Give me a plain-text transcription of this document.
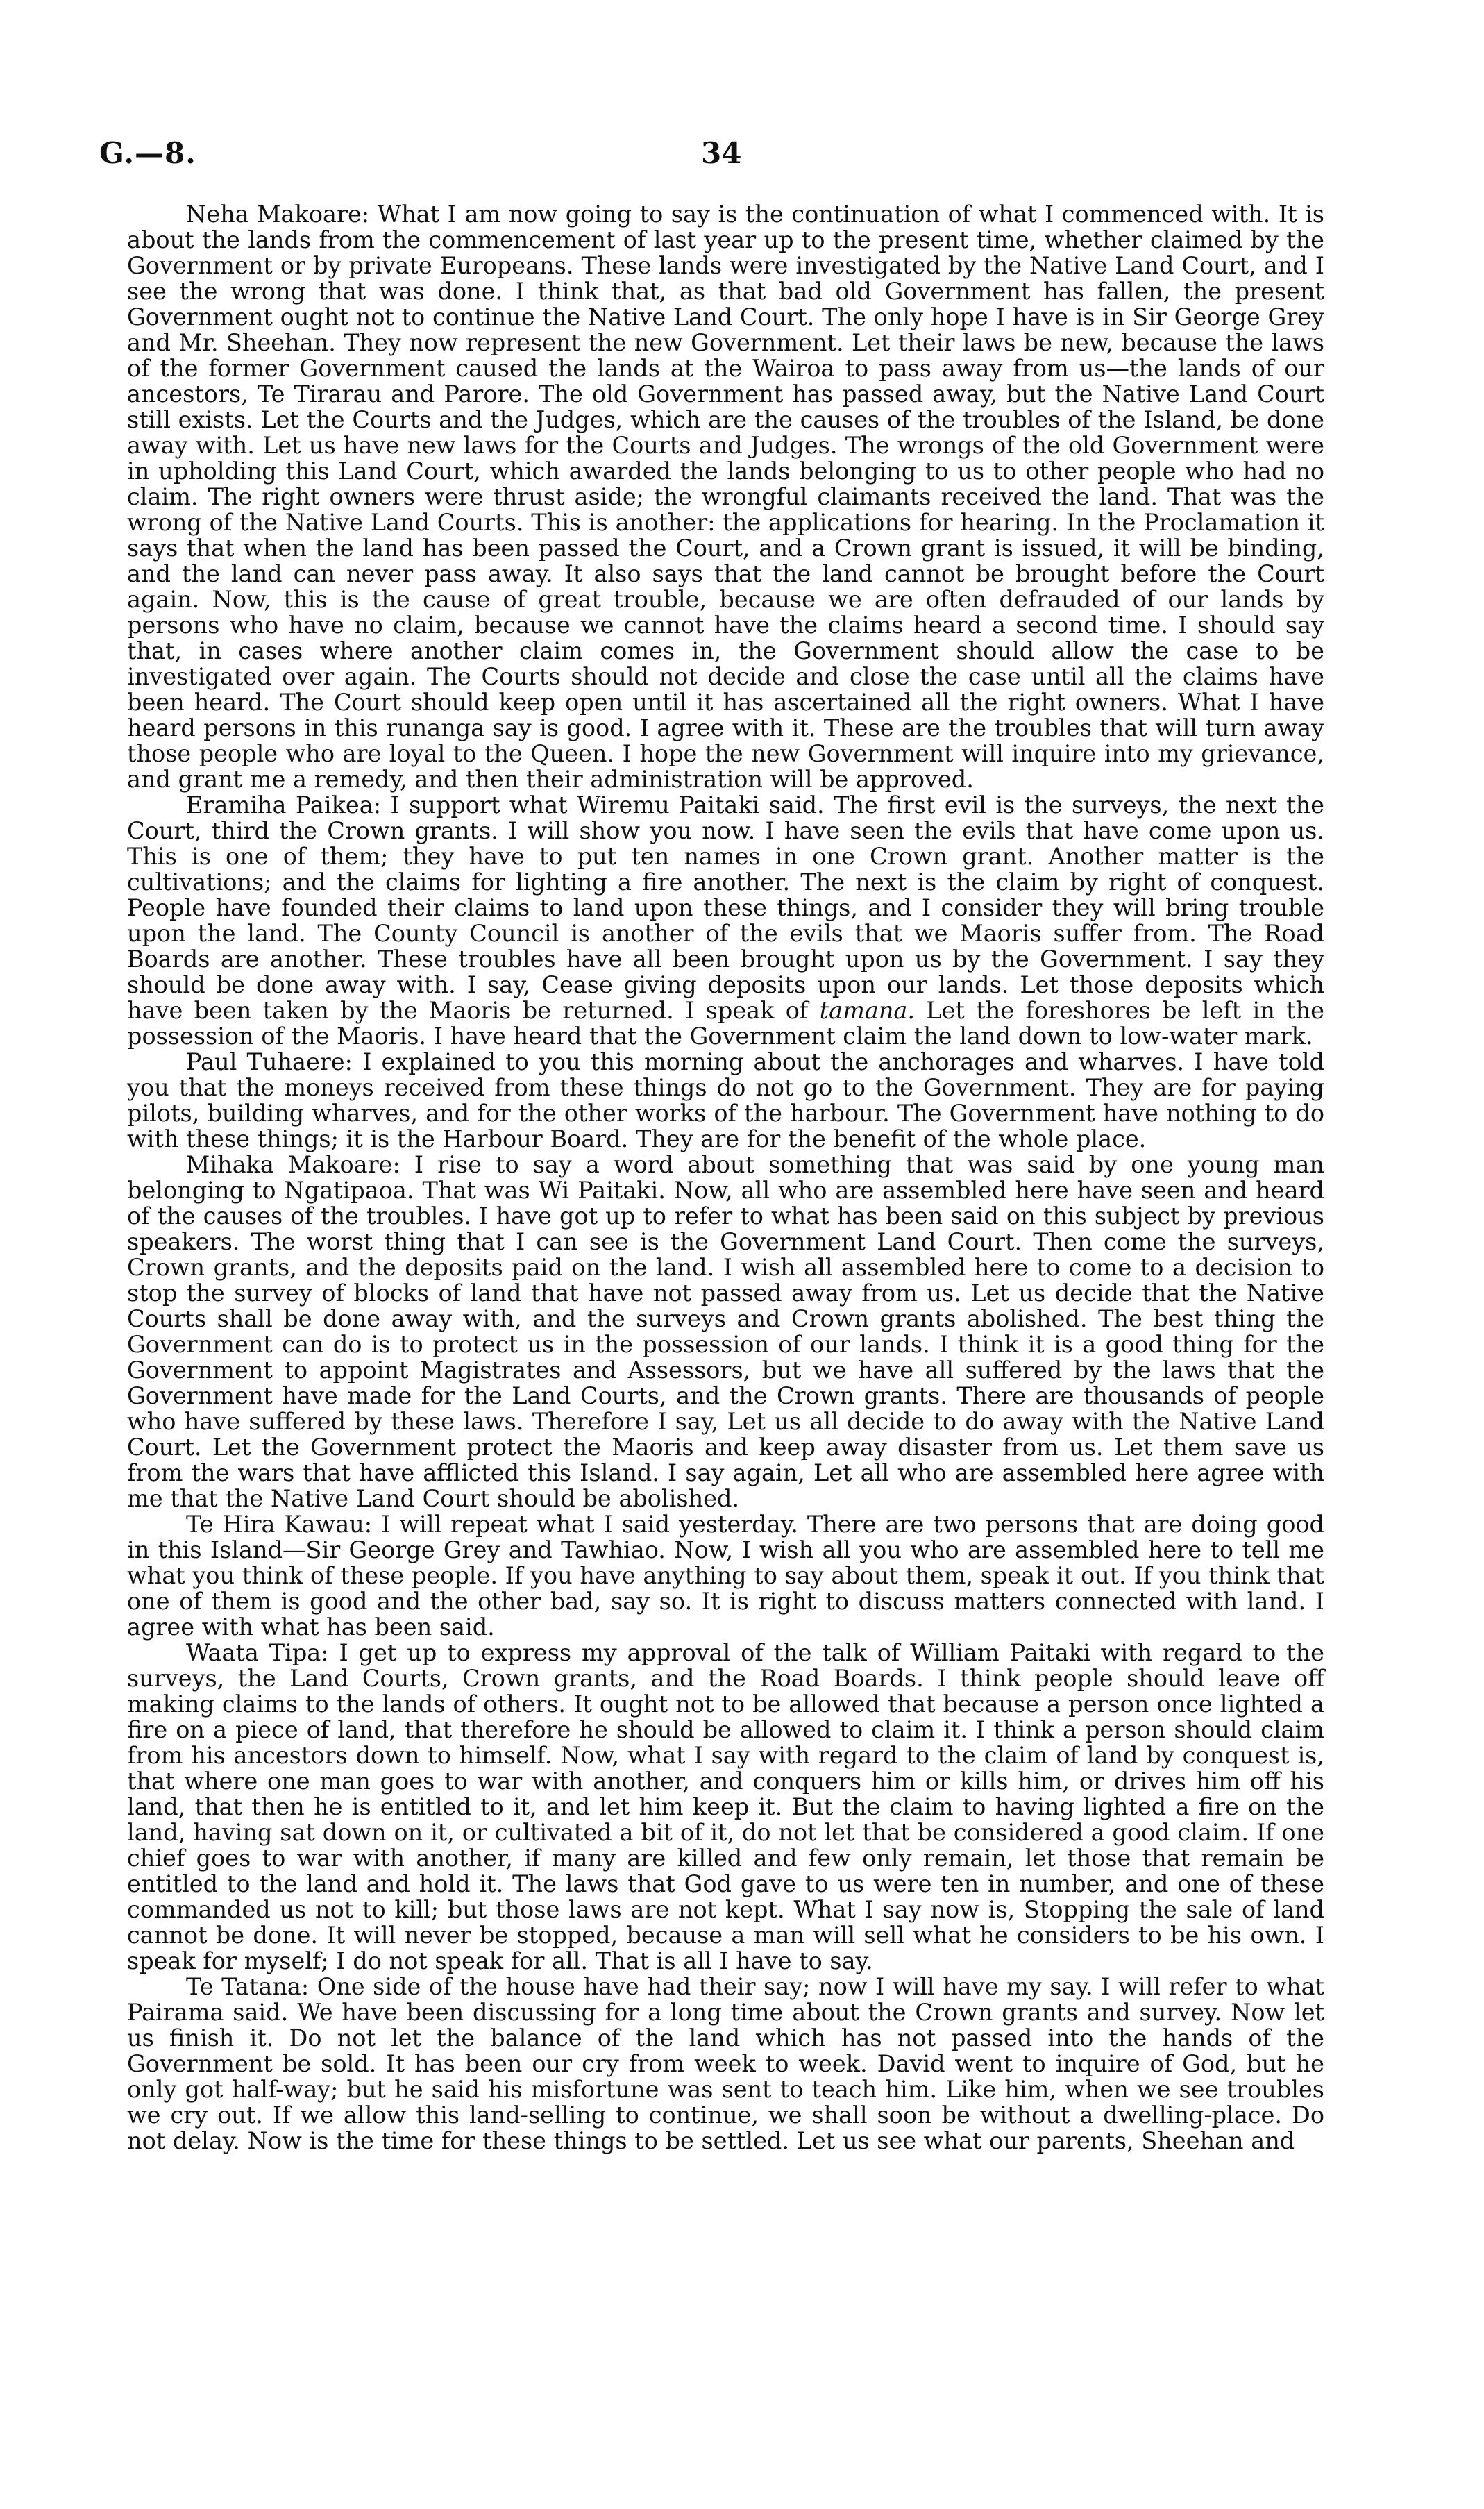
G.—8.	34

Neha Makoare: What I am now going to say is the continuation of what I commenced with. It is about the lands from the commencement of last year up to the present time, whether claimed by the Government or by private Europeans. These lands were investigated by the Native Land Court, and I see the wrong that was done. I think that, as that bad old Government has fallen, the present Government ought not to continue the Native Land Court. The only hope I have is in Sir George Grey and Mr. Sheehan. They now represent the new Government. Let their laws be new, because the laws of the former Government caused the lands at the Wairoa to pass away from us—the lands of our ancestors, Te Tirarau and Parore. The old Government has passed away, but the Native Land Court still exists. Let the Courts and the Judges, which are the causes of the troubles of the Island, be done away with. Let us have new laws for the Courts and Judges. The wrongs of the old Government were in upholding this Land Court, which awarded the lands belonging to us to other people who had no claim. The right owners were thrust aside; the wrongful claimants received the land. That was the wrong of the Native Land Courts. This is another: the applications for hearing. In the Proclamation it says that when the land has been passed the Court, and a Crown grant is issued, it will be binding, and the land can never pass away. It also says that the land cannot be brought before the Court again. Now, this is the cause of great trouble, because we are often defrauded of our lands by persons who have no claim, because we cannot have the claims heard a second time. I should say that, in cases where another claim comes in, the Government should allow the case to be investigated over again. The Courts should not decide and close the case until all the claims have been heard. The Court should keep open until it has ascertained all the right owners. What I have heard persons in this runanga say is good. I agree with it. These are the troubles that will turn away those people who are loyal to the Queen. I hope the new Government will inquire into my grievance, and grant me a remedy, and then their administration will be approved.

Eramiha Paikea: I support what Wiremu Paitaki said. The first evil is the surveys, the next the Court, third the Crown grants. I will show you now. I have seen the evils that have come upon us. This is one of them; they have to put ten names in one Crown grant. Another matter is the cultivations; and the claims for lighting a fire another. The next is the claim by right of conquest. People have founded their claims to land upon these things, and I consider they will bring trouble upon the land. The County Council is another of the evils that we Maoris suffer from. The Road Boards are another. These troubles have all been brought upon us by the Government. I say they should be done away with. I say, Cease giving deposits upon our lands. Let those deposits which have been taken by the Maoris be returned. I speak of tamana. Let the foreshores be left in the possession of the Maoris. I have heard that the Government claim the land down to low-water mark.

Paul Tuhaere: I explained to you this morning about the anchorages and wharves. I have told you that the moneys received from these things do not go to the Government. They are for paying pilots, building wharves, and for the other works of the harbour. The Government have nothing to do with these things; it is the Harbour Board. They are for the benefit of the whole place.

Mihaka Makoare: I rise to say a word about something that was said by one young man belonging to Ngatipaoa. That was Wi Paitaki. Now, all who are assembled here have seen and heard of the causes of the troubles. I have got up to refer to what has been said on this subject by previous speakers. The worst thing that I can see is the Government Land Court. Then come the surveys, Crown grants, and the deposits paid on the land. I wish all assembled here to come to a decision to stop the survey of blocks of land that have not passed away from us. Let us decide that the Native Courts shall be done away with, and the surveys and Crown grants abolished. The best thing the Government can do is to protect us in the possession of our lands. I think it is a good thing for the Government to appoint Magistrates and Assessors, but we have all suffered by the laws that the Government have made for the Land Courts, and the Crown grants. There are thousands of people who have suffered by these laws. Therefore I say, Let us all decide to do away with the Native Land Court. Let the Government protect the Maoris and keep away disaster from us. Let them save us from the wars that have afflicted this Island. I say again, Let all who are assembled here agree with me that the Native Land Court should be abolished.

Te Hira Kawau: I will repeat what I said yesterday. There are two persons that are doing good in this Island—Sir George Grey and Tawhiao. Now, I wish all you who are assembled here to tell me what you think of these people. If you have anything to say about them, speak it out. If you think that one of them is good and the other bad, say so. It is right to discuss matters connected with land. I agree with what has been said.

Waata Tipa: I get up to express my approval of the talk of William Paitaki with regard to the surveys, the Land Courts, Crown grants, and the Road Boards. I think people should leave off making claims to the lands of others. It ought not to be allowed that because a person once lighted a fire on a piece of land, that therefore he should be allowed to claim it. I think a person should claim from his ancestors down to himself. Now, what I say with regard to the claim of land by conquest is, that where one man goes to war with another, and conquers him or kills him, or drives him off his land, that then he is entitled to it, and let him keep it. But the claim to having lighted a fire on the land, having sat down on it, or cultivated a bit of it, do not let that be considered a good claim. If one chief goes to war with another, if many are killed and few only remain, let those that remain be entitled to the land and hold it. The laws that God gave to us were ten in number, and one of these commanded us not to kill; but those laws are not kept. What I say now is, Stopping the sale of land cannot be done. It will never be stopped, because a man will sell what he considers to be his own. I speak for myself; I do not speak for all. That is all I have to say.

Te Tatana: One side of the house have had their say; now I will have my say. I will refer to what Pairama said. We have been discussing for a long time about the Crown grants and survey. Now let us finish it. Do not let the balance of the land which has not passed into the hands of the Government be sold. It has been our cry from week to week. David went to inquire of God, but he only got half-way; but he said his misfortune was sent to teach him. Like him, when we see troubles we cry out. If we allow this land-selling to continue, we shall soon be without a dwelling-place. Do not delay. Now is the time for these things to be settled. Let us see what our parents, Sheehan and
